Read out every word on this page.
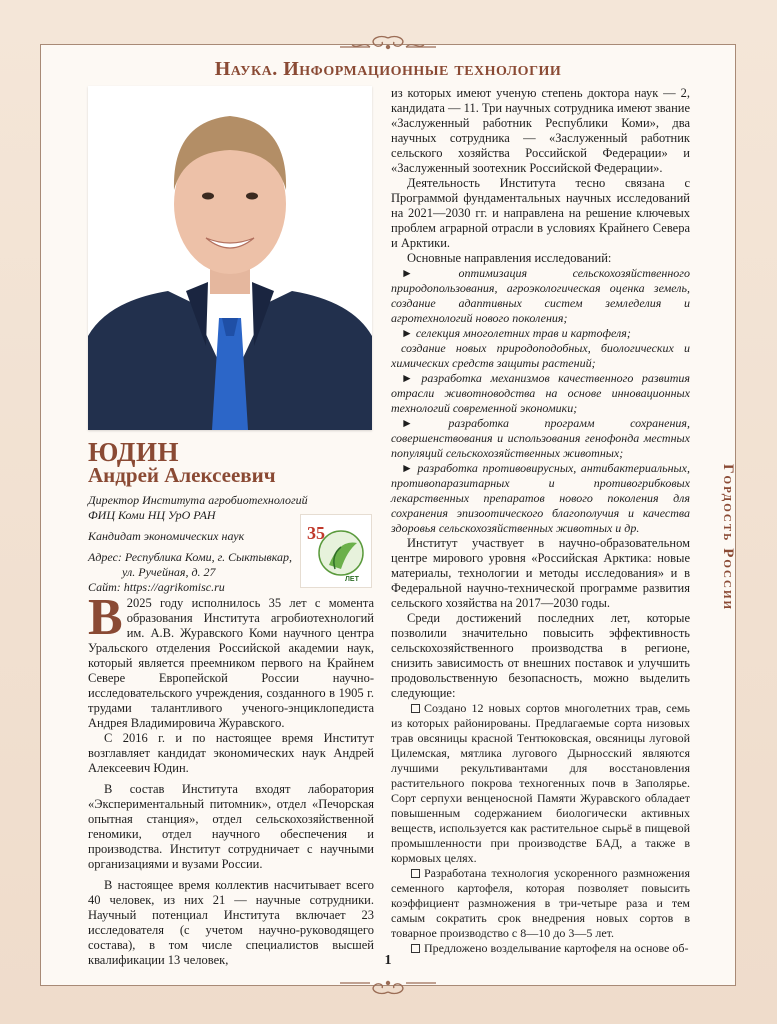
Наука. Информационные технологии
Гордость России
ЮДИН
Андрей Алексеевич
Директор Института агробиотехнологий
ФИЦ Коми НЦ УрО РАН
Кандидат экономических наук
Адрес: Республика Коми, г. Сыктывкар,
ул. Ручейная, д. 27
Сайт: https://agrikomisc.ru
35
ЛЕТ

В 2025 году исполнилось 35 лет с момента образования Института агробиотехнологий им. А.В. Журавского Коми научного центра Уральского отделения Российской академии наук, который является преемником первого на Крайнем Севере Европейской России научно-исследовательского учреждения, созданного в 1905 г. трудами талантливого ученого-энциклопедиста Андрея Владимировича Журавского.

С 2016 г. и по настоящее время Институт возглавляет кандидат экономических наук Андрей Алексеевич Юдин.

В состав Института входят лаборатория «Экспериментальный питомник», отдел «Печорская опытная станция», отдел сельскохозяйственной геномики, отдел научного обеспечения и производства. Институт сотрудничает с научными организациями и вузами России.

В настоящее время коллектив насчитывает всего 40 человек, из них 21 — научные сотрудники. Научный потенциал Института включает 23 исследователя (с учетом научно-руководящего состава), в том числе специалистов высшей квалификации 13 человек,

из которых имеют ученую степень доктора наук — 2, кандидата — 11. Три научных сотрудника имеют звание «Заслуженный работник Республики Коми», два научных сотрудника — «Заслуженный работник сельского хозяйства Российской Федерации» и «Заслуженный зоотехник Российской Федерации».

Деятельность Института тесно связана с Программой фундаментальных научных исследований на 2021—2030 гг. и направлена на решение ключевых проблем аграрной отрасли в условиях Крайнего Севера и Арктики.

Основные направления исследований:

► оптимизация сельскохозяйственного природопользования, агроэкологическая оценка земель, создание адаптивных систем земледелия и агротехнологий нового поколения;

► селекция многолетних трав и картофеля;

создание новых природоподобных, биологических и химических средств защиты растений;

► разработка механизмов качественного развития отрасли животноводства на основе инновационных технологий современной экономики;

► разработка программ сохранения, совершенствования и использования генофонда местных популяций сельскохозяйственных животных;

► разработка противовирусных, антибактериальных, противопаразитарных и противогрибковых лекарственных препаратов нового поколения для сохранения эпизоотического благополучия и качества здоровья сельскохозяйственных животных и др.

Институт участвует в научно-образовательном центре мирового уровня «Российская Арктика: новые материалы, технологии и методы исследования» и в Федеральной научно-технической программе развития сельского хозяйства на 2017—2030 годы.

Среди достижений последних лет, которые позволили значительно повысить эффективность сельскохозяйственного производства в регионе, снизить зависимость от внешних поставок и улучшить продовольственную безопасность, можно выделить следующие:

Создано 12 новых сортов многолетних трав, семь из которых районированы. Предлагаемые сорта низовых трав овсяницы красной Тентюковская, овсяницы луговой Цилемская, мятлика лугового Дырносский являются лучшими рекультивантами для восстановления растительного покрова техногенных почв в Заполярье. Сорт серпухи венценосной Памяти Журавского обладает повышенным содержанием биологически активных веществ, используется как растительное сырьё в пищевой промышленности при производстве БАД, а также в кормовых целях.

Разработана технология ускоренного размножения семенного картофеля, которая позволяет повысить коэффициент размножения в три-четыре раза и тем самым сократить срок внедрения новых сортов в товарное производство с 8—10 до 3—5 лет.

Предложено возделывание картофеля на основе об-

1
